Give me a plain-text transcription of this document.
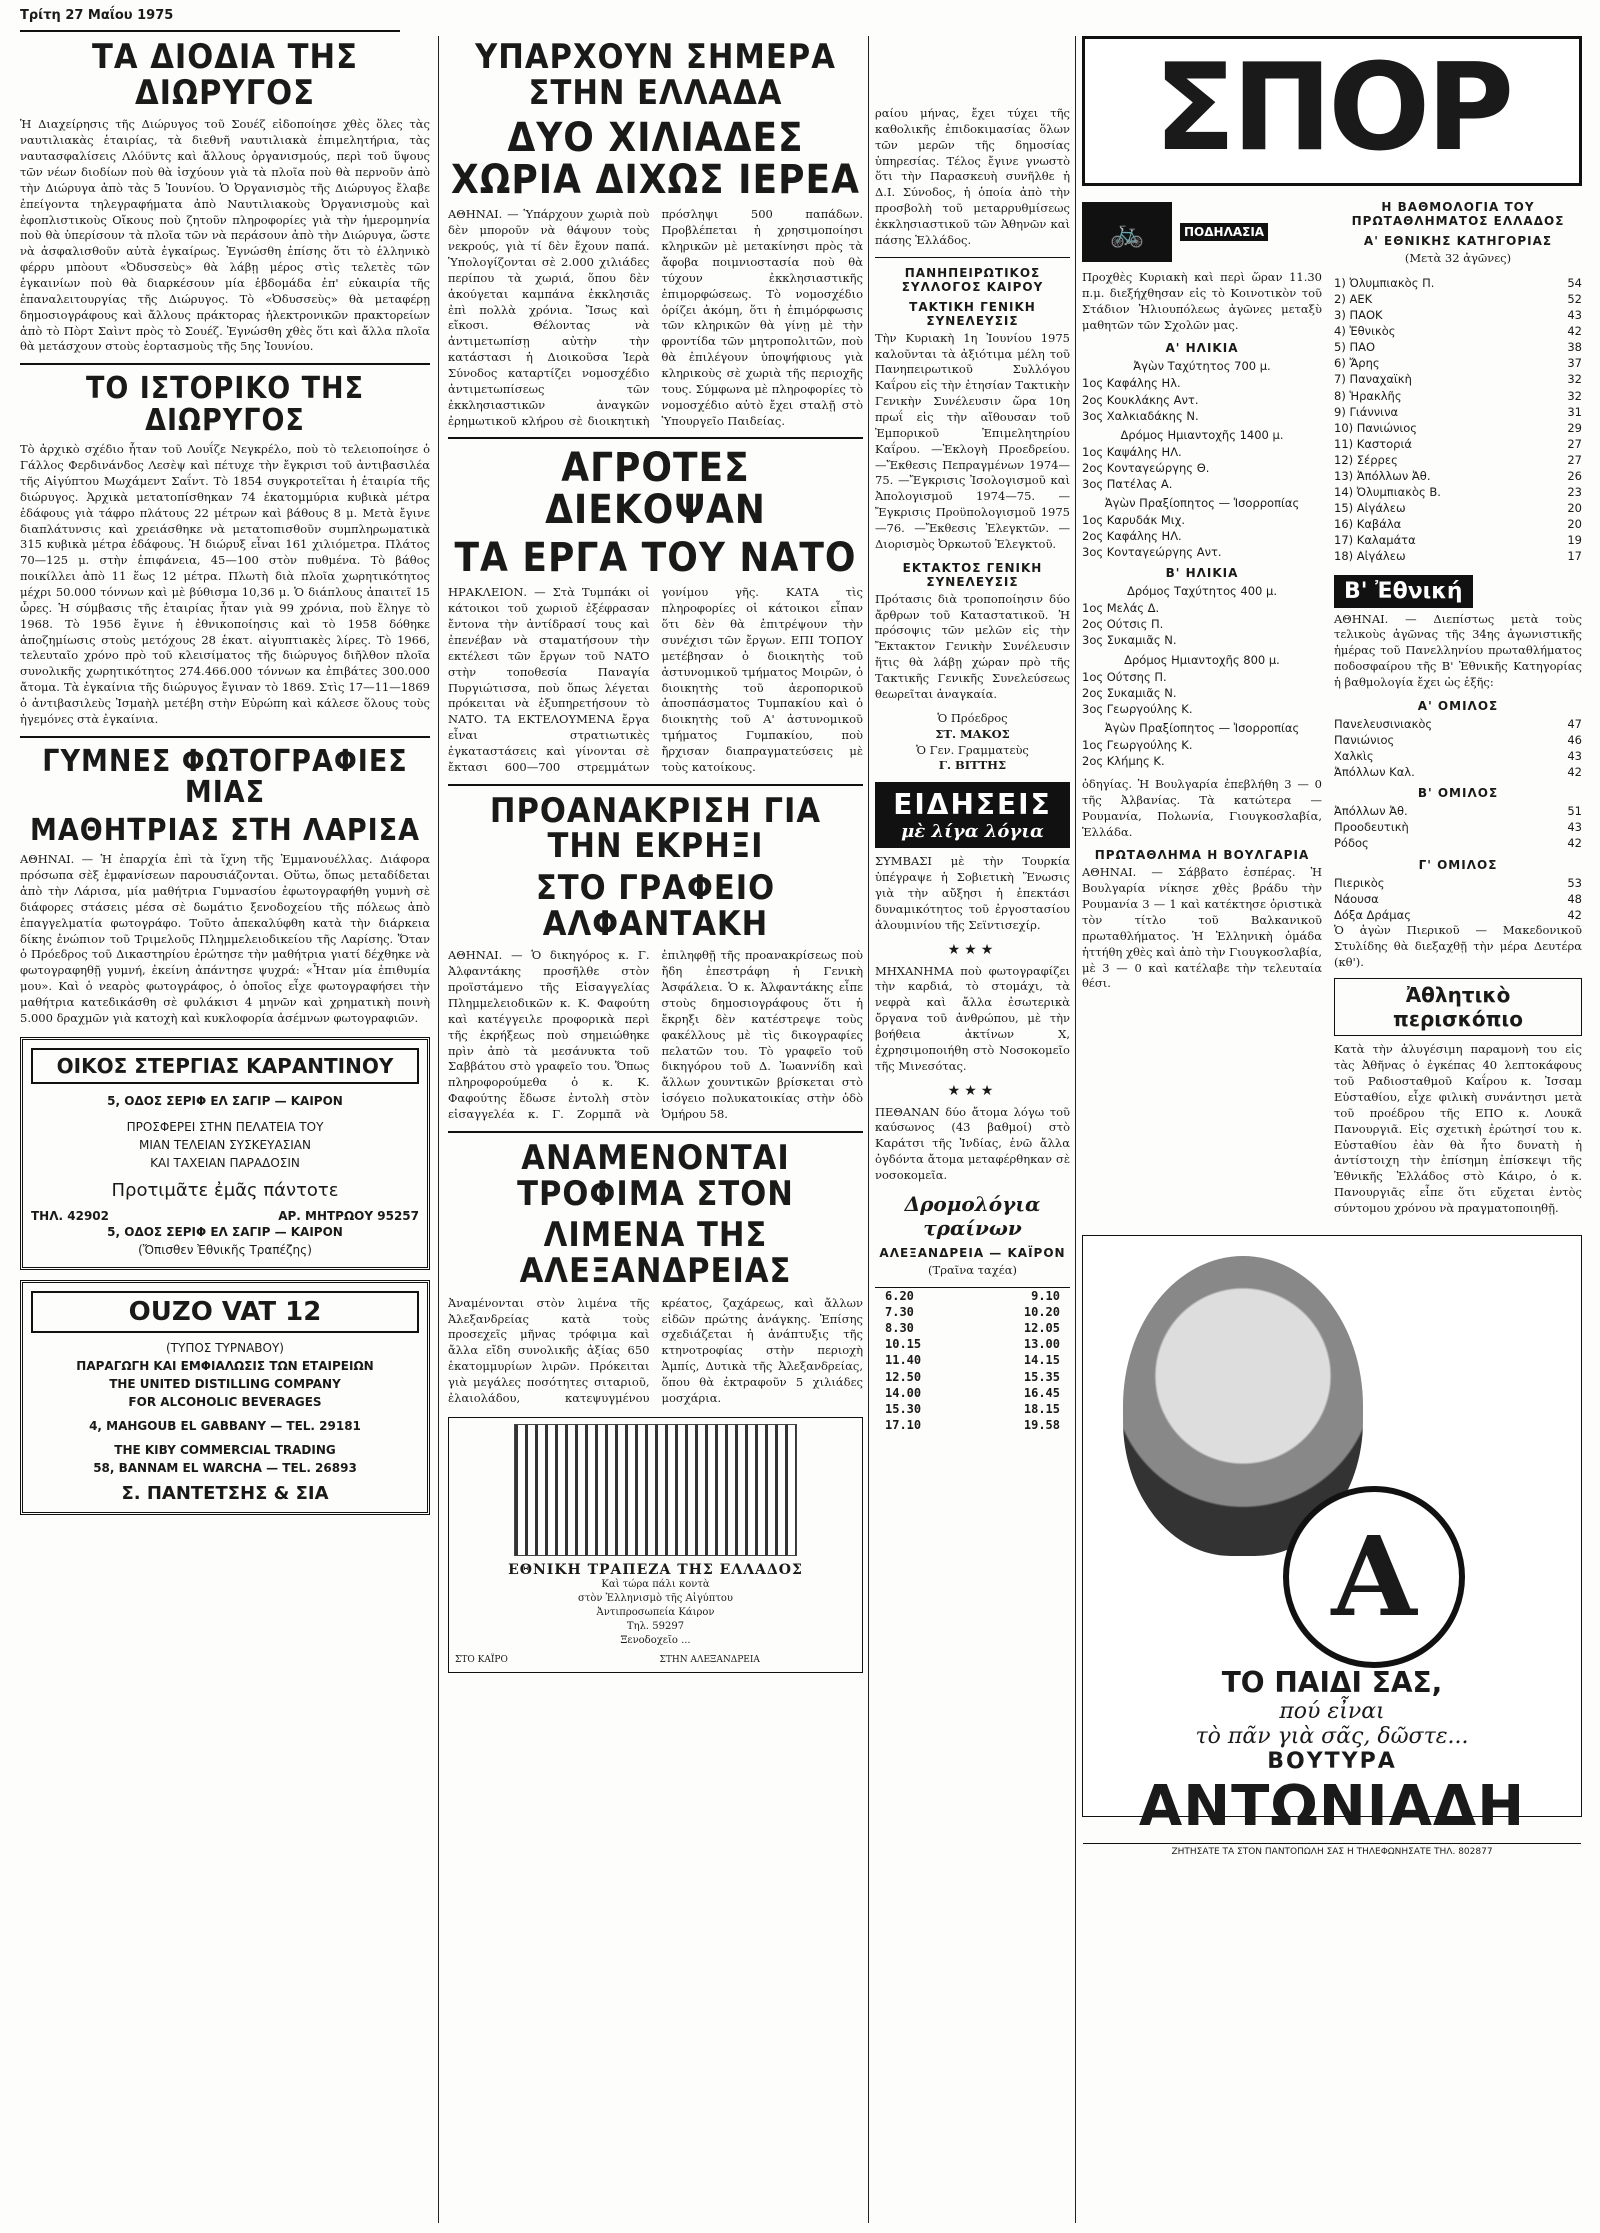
Τρίτη 27 Μαΐου 1975
ΤΑ ΔΙΟΔΙΑ ΤΗΣ ΔΙΩΡΥΓΟΣ
Ἡ Διαχείρησις τῆς Διώρυγος τοῦ Σουέζ εἰδοποίησε χθὲς ὅλες τὰς ναυτιλιακὰς ἑταιρίας, τὰ διεθνῆ ναυτιλιακὰ ἐπιμελητήρια, τὰς ναυτασφαλίσεις Λλόϋντς καὶ ἄλλους ὀργανισμούς, περὶ τοῦ ὕψους τῶν νέων διοδίων ποὺ θὰ ἰσχύουν γιὰ τὰ πλοῖα ποὺ θὰ περνοῦν ἀπὸ τὴν Διώρυγα ἀπὸ τὰς 5 Ἰουνίου. Ὁ Ὀργανισμὸς τῆς Διώρυγος ἔλαβε ἐπείγοντα τηλεγραφήματα ἀπὸ Ναυτιλιακοὺς Ὀργανισμοὺς καὶ ἐφοπλιστικοὺς Οἴκους ποὺ ζητοῦν πληροφορίες γιὰ τὴν ἡμερομηνία ποὺ θὰ ὑπερίσουν τὰ πλοῖα τῶν νὰ περάσουν ἀπὸ τὴν Διώρυγα, ὥστε νὰ ἀσφαλισθοῦν αὐτὰ ἐγκαίρως. Ἐγνώσθη ἐπίσης ὅτι τὸ ἑλληνικὸ φέρρυ μπὸουτ «Ὀδυσσεὺς» θὰ λάβῃ μέρος στὶς τελετὲς τῶν ἐγκαινίων ποὺ θὰ διαρκέσουν μία ἑβδομάδα ἐπ' εὐκαιρία τῆς ἐπαναλειτουργίας τῆς Διώρυγος. Τὸ «Ὀδυσσεὺς» θὰ μεταφέρῃ δημοσιογράφους καὶ ἄλλους πράκτορας ἠλεκτρονικῶν πρακτορείων ἀπὸ τὸ Πὸρτ Σαὶντ πρὸς τὸ Σουέζ. Ἐγνώσθη χθὲς ὅτι καὶ ἄλλα πλοῖα θὰ μετάσχουν στοὺς ἑορτασμοὺς τῆς 5ης Ἰουνίου.
ΤΟ ΙΣΤΟΡΙΚΟ ΤΗΣ ΔΙΩΡΥΓΟΣ
Τὸ ἀρχικὸ σχέδιο ἦταν τοῦ Λουΐζε Νεγκρέλο, ποὺ τὸ τελειοποίησε ὁ Γάλλος Φερδινάνδος Λεσὲψ καὶ πέτυχε τὴν ἔγκρισι τοῦ ἀντιβασιλέα τῆς Αἰγύπτου Μωχάμεντ Σαΐντ. Τὸ 1854 συγκροτεῖται ἡ ἑταιρία τῆς διώρυγος. Ἀρχικὰ μετατοπίσθηκαν 74 ἑκατομμύρια κυβικὰ μέτρα ἐδάφους γιὰ τάφρο πλάτους 22 μέτρων καὶ βάθους 8 μ. Μετὰ ἔγινε διαπλάτυνσις καὶ χρειάσθηκε νὰ μετατοπισθοῦν συμπληρωματικὰ 315 κυβικὰ μέτρα ἐδάφους. Ἡ διώρυξ εἶναι 161 χιλιόμετρα. Πλάτος 70—125 μ. στὴν ἐπιφάνεια, 45—100 στὸν πυθμένα. Τὸ βάθος ποικίλλει ἀπὸ 11 ἕως 12 μέτρα. Πλωτὴ διὰ πλοῖα χωρητικότητος μέχρι 50.000 τόννων καὶ μὲ βύθισμα 10,36 μ. Ὁ διάπλους ἀπαιτεῖ 15 ὧρες. Ἡ σύμβασις τῆς ἑταιρίας ἦταν γιὰ 99 χρόνια, ποὺ ἔληγε τὸ 1968. Τὸ 1956 ἔγινε ἡ ἐθνικοποίησις καὶ τὸ 1958 δόθηκε ἀποζημίωσις στοὺς μετόχους 28 ἑκατ. αἰγυπτιακὲς λίρες. Τὸ 1966, τελευταῖο χρόνο πρὸ τοῦ κλεισίματος τῆς διώρυγος διῆλθον πλοῖα συνολικῆς χωρητικότητος 274.466.000 τόννων κα ἐπιβάτες 300.000 ἄτομα. Τὰ ἐγκαίνια τῆς διώρυγος ἔγιναν τὸ 1869. Στὶς 17—11—1869 ὁ ἀντιβασιλεὺς Ἰσμαὴλ μετέβη στὴν Εὐρώπη καὶ κάλεσε ὅλους τοὺς ἡγεμόνες στὰ ἐγκαίνια.
ΓΥΜΝΕΣ ΦΩΤΟΓΡΑΦΙΕΣ ΜΙΑΣ
ΜΑΘΗΤΡΙΑΣ ΣΤΗ ΛΑΡΙΣΑ
ΑΘΗΝΑΙ. — Ἡ ἐπαρχία ἐπὶ τὰ ἴχνη τῆς Ἐμμανουέλλας. Διάφορα πρόσωπα σὲξ ἐμφανίσεων παρουσιάζονται. Οὕτω, ὅπως μεταδίδεται ἀπὸ τὴν Λάρισα, μία μαθήτρια Γυμνασίου ἐφωτογραφήθη γυμνὴ σὲ διάφορες στάσεις μέσα σὲ δωμάτιο ξενοδοχείου τῆς πόλεως ἀπὸ ἐπαγγελματία φωτογράφο. Τοῦτο ἀπεκαλύφθη κατὰ τὴν διάρκεια δίκης ἐνώπιον τοῦ Τριμελοῦς Πλημμελειοδικείου τῆς Λαρίσης. Ὅταν ὁ Πρόεδρος τοῦ Δικαστηρίου ἐρώτησε τὴν μαθήτρια γιατί δέχθηκε νὰ φωτογραφηθῇ γυμνή, ἐκείνη ἀπάντησε ψυχρά: «Ἦταν μία ἐπιθυμία μου». Καὶ ὁ νεαρὸς φωτογράφος, ὁ ὁποῖος εἶχε φωτογραφήσει τὴν μαθήτρια κατεδικάσθη σὲ φυλάκισι 4 μηνῶν καὶ χρηματικὴ ποινὴ 5.000 δραχμῶν γιὰ κατοχὴ καὶ κυκλοφορία ἀσέμνων φωτογραφιῶν.
ΟΙΚΟΣ ΣΤΕΡΓΙΑΣ ΚΑΡΑΝΤΙΝΟΥ
5, ΟΔΟΣ ΣΕΡΙΦ ΕΛ ΣΑΓΙΡ — ΚΑΙΡΟΝ
ΠΡΟΣΦΕΡΕΙ ΣΤΗΝ ΠΕΛΑΤΕΙΑ ΤΟΥ
ΜΙΑΝ ΤΕΛΕΙΑΝ ΣΥΣΚΕΥΑΣΙΑΝ
ΚΑΙ ΤΑΧΕΙΑΝ ΠΑΡΑΔΟΣΙΝ
Προτιμᾶτε ἐμᾶς πάντοτε
ΤΗΛ. 42902	ΑΡ. ΜΗΤΡΩΟΥ 95257
5, ΟΔΟΣ ΣΕΡΙΦ ΕΛ ΣΑΓΙΡ — ΚΑΙΡΟΝ
(Ὄπισθεν Ἐθνικῆς Τραπέζης)
OUZO VAT 12
(ΤΥΠΟΣ ΤΥΡΝΑΒΟΥ)
ΠΑΡΑΓΩΓΗ ΚΑΙ ΕΜΦΙΑΛΩΣΙΣ ΤΩΝ ΕΤΑΙΡΕΙΩΝ
THE UNITED DISTILLING COMPANY
FOR ALCOHOLIC BEVERAGES
4, MAHGOUB EL GABBANY — TEL. 29181
THE KIBY COMMERCIAL TRADING
58, BANNAM EL WARCHA — TEL. 26893
Σ. ΠΑΝΤΕΤΣΗΣ & ΣΙΑ
ΥΠΑΡΧΟΥΝ ΣΗΜΕΡΑ ΣΤΗΝ ΕΛΛΑΔΑ
ΔΥΟ ΧΙΛΙΑΔΕΣ ΧΩΡΙΑ ΔΙΧΩΣ ΙΕΡΕΑ
ΑΘΗΝΑΙ. — Ὑπάρχουν χωριὰ ποὺ δὲν μποροῦν νὰ θάψουν τοὺς νεκρούς, γιὰ τί δὲν ἔχουν παπά. Ὑπολογίζονται σὲ 2.000 χιλιάδες περίπου τὰ χωριά, ὅπου δὲν ἀκούγεται καμπάνα ἐκκλησιᾶς ἐπὶ πολλὰ χρόνια. Ἴσως καὶ εἴκοσι. Θέλοντας νὰ ἀντιμετωπίσῃ αὐτὴν τὴν κατάστασι ἡ Διοικοῦσα Ἱερὰ Σύνοδος καταρτίζει νομοσχέδιο ἀντιμετωπίσεως τῶν ἐκκλησιαστικῶν ἀναγκῶν ἐρημωτικοῦ κλήρου σὲ διοικητικὴ πρόσληψι 500 παπάδων. Προβλέπεται ἡ χρησιμοποίησι κληρικῶν μὲ μετακίνησι πρὸς τὰ ἄφοβα ποιμνιοστασία ποὺ θὰ τύχουν ἐκκλησιαστικῆς ἐπιμορφώσεως. Τὸ νομοσχέδιο ὁρίζει ἀκόμη, ὅτι ἡ ἐπιμόρφωσις τῶν κληρικῶν θὰ γίνῃ μὲ τὴν φροντίδα τῶν μητροπολιτῶν, ποὺ θὰ ἐπιλέγουν ὑποψήφιους γιὰ κληρικοὺς σὲ χωριὰ τῆς περιοχῆς τους. Σύμφωνα μὲ πληροφορίες τὸ νομοσχέδιο αὐτὸ ἔχει σταλῇ στὸ Ὑπουργεῖο Παιδείας.
ΑΓΡΟΤΕΣ ΔΙΕΚΟΨΑΝ
ΤΑ ΕΡΓΑ ΤΟΥ ΝΑΤΟ
ΗΡΑΚΛΕΙΟΝ. — Στὰ Τυμπάκι οἱ κάτοικοι τοῦ χωριοῦ ἐξέφρασαν ἔντονα τὴν ἀντίδρασί τους καὶ ἐπενέβαν νὰ σταματήσουν τὴν εκτέλεσι τῶν ἔργων τοῦ ΝΑΤΟ στὴν τοποθεσία Παναγία Πυργιώτισσα, ποὺ ὅπως λέγεται πρόκειται νὰ ἐξυπηρετήσουν τὸ ΝΑΤΟ. ΤΑ ΕΚΤΕΛΟΥΜΕΝΑ ἔργα εἶναι στρατιωτικὲς ἐγκαταστάσεις καὶ γίνονται σὲ ἔκτασι 600—700 στρεμμάτων γονίμου γῆς. ΚΑΤΑ τὶς πληροφορίες οἱ κάτοικοι εἶπαν ὅτι δὲν θὰ ἐπιτρέψουν τὴν συνέχισι τῶν ἔργων. ΕΠΙ ΤΟΠΟΥ μετέβησαν ὁ διοικητὴς τοῦ ἀστυνομικοῦ τμήματος Μοιρῶν, ὁ διοικητὴς τοῦ ἀεροπορικοῦ ἀποσπάσματος Τυμπακίου καὶ ὁ διοικητὴς τοῦ Α' ἀστυνομικοῦ τμήματος Γυμπακίου, ποὺ ἤρχισαν διαπραγματεύσεις μὲ τοὺς κατοίκους.
ΠΡΟΑΝΑΚΡΙΣΗ ΓΙΑ ΤΗΝ ΕΚΡΗΞΙ
ΣΤΟ ΓΡΑΦΕΙΟ ΑΛΦΑΝΤΑΚΗ
ΑΘΗΝΑΙ. — Ὁ δικηγόρος κ. Γ. Ἀλφαντάκης προσῆλθε στὸν προϊστάμενο τῆς Εἰσαγγελίας Πλημμελειοδικῶν κ. Κ. Φαφούτη καὶ κατέγγειλε προφορικὰ περὶ τῆς ἐκρήξεως ποὺ σημειώθηκε πρὶν ἀπὸ τὰ μεσάνυκτα τοῦ Σαββάτου στὸ γραφεῖο του. Ὅπως πληροφορούμεθα ὁ κ. Κ. Φαφούτης ἔδωσε ἐντολὴ στὸν εἰσαγγελέα κ. Γ. Ζορμπᾶ νὰ ἐπιληφθῇ τῆς προανακρίσεως ποὺ ἤδη ἐπεστράφη ἡ Γενικὴ Ἀσφάλεια. Ὁ κ. Ἀλφαντάκης εἶπε στοὺς δημοσιογράφους ὅτι ἡ ἔκρηξι δὲν κατέστρεψε τοὺς φακέλλους μὲ τὶς δικογραφίες πελατῶν του. Τὸ γραφεῖο τοῦ δικηγόρου τοῦ Δ. Ἰωαννίδη καὶ ἄλλων χουντικῶν βρίσκεται στὸ ἰσόγειο πολυκατοικίας στὴν ὁδὸ Ὀμήρου 58.
ΑΝΑΜΕΝΟΝΤΑΙ ΤΡΟΦΙΜΑ ΣΤΟΝ
ΛΙΜΕΝΑ ΤΗΣ ΑΛΕΞΑΝΔΡΕΙΑΣ
Ἀναμένονται στὸν λιμένα τῆς Ἀλεξανδρείας κατὰ τοὺς προσεχεῖς μῆνας τρόφιμα καὶ ἄλλα εἴδη συνολικῆς ἀξίας 650 ἑκατομμυρίων λιρῶν. Πρόκειται γιὰ μεγάλες ποσότητες σιταριοῦ, ἐλαιολάδου, κατεψυγμένου κρέατος, ζαχάρεως, καὶ ἄλλων εἰδῶν πρώτης ἀνάγκης. Ἐπίσης σχεδιάζεται ἡ ἀνάπτυξις τῆς κτηνοτροφίας στὴν περιοχὴ Ἀμπίς, Δυτικὰ τῆς Ἀλεξανδρείας, ὅπου θὰ ἐκτραφοῦν 5 χιλιάδες μοσχάρια.
ΕΘΝΙΚΗ ΤΡΑΠΕΖΑ ΤΗΣ ΕΛΛΑΔΟΣ
Καὶ τώρα πάλι κοντὰ
στὸν Ἑλληνισμὸ τῆς Αἰγύπτου
Ἀντιπροσωπεία Κάιρον
Τηλ. 59297
Ξενοδοχεῖο ...
ΣΤΟ ΚΑΪΡΟ	ΣΤΗΝ ΑΛΕΞΑΝΔΡΕΙΑ
ραίου μήνας, ἔχει τύχει τῆς καθολικῆς ἐπιδοκιμασίας ὅλων τῶν μερῶν τῆς δημοσίας ὑπηρεσίας. Τέλος ἔγινε γνωστὸ ὅτι τὴν Παρασκευὴ συνῆλθε ἡ Δ.Ι. Σύνοδος, ἡ ὁποία ἀπὸ τὴν προσβολὴ τοῦ μεταρρυθμίσεως ἐκκλησιαστικοῦ τῶν Ἀθηνῶν καὶ πάσης Ἑλλάδος.
ΠΑΝΗΠΕΙΡΩΤΙΚΟΣ ΣΥΛΛΟΓΟΣ ΚΑΙΡΟΥ
ΤΑΚΤΙΚΗ ΓΕΝΙΚΗ ΣΥΝΕΛΕΥΣΙΣ
Τὴν Κυριακὴ 1η Ἰουνίου 1975 καλοῦνται τὰ ἀξιότιμα μέλη τοῦ Πανηπειρωτικοῦ Συλλόγου Καΐρου εἰς τὴν ἐτησίαν Τακτικὴν Γενικὴν Συνέλευσιν ὥρα 10η πρωΐ εἰς τὴν αἴθουσαν τοῦ Ἐμπορικοῦ Ἐπιμελητηρίου Καΐρου. —Ἐκλογὴ Προεδρείου. —Ἔκθεσις Πεπραγμένων 1974—75. —Ἔγκρισις Ἰσολογισμοῦ καὶ Ἀπολογισμοῦ 1974—75. —Ἔγκρισις Προϋπολογισμοῦ 1975—76. —Ἔκθεσις Ἐλεγκτῶν. —Διορισμὸς Ὀρκωτοῦ Ἐλεγκτοῦ.
ΕΚΤΑΚΤΟΣ ΓΕΝΙΚΗ ΣΥΝΕΛΕΥΣΙΣ
Πρότασις διὰ τροποποίησιν δύο ἄρθρων τοῦ Καταστατικοῦ. Ἡ πρόσοψις τῶν μελῶν εἰς τὴν Ἔκτακτον Γενικὴν Συνέλευσιν ἥτις θὰ λάβῃ χώραν πρὸ τῆς Τακτικῆς Γενικῆς Συνελεύσεως θεωρεῖται ἀναγκαία.
Ὁ Πρόεδρος
ΣΤ. ΜΑΚΟΣ
Ὁ Γεν. Γραμματεὺς
Γ. ΒΙΤΤΗΣ
ΕΙΔΗΣΕΙΣ
μὲ λίγα λόγια
ΣΥΜΒΑΣΙ μὲ τὴν Τουρκία ὑπέγραψε ἡ Σοβιετικὴ Ἕνωσις γιὰ τὴν αὔξησι ἡ ἐπεκτάσι δυναμικότητος τοῦ ἐργοστασίου ἀλουμινίου τῆς Σεϊντισεχίρ.
★★★
ΜΗΧΑΝΗΜΑ ποὺ φωτογραφίζει τὴν καρδιά, τὸ στομάχι, τὰ νεφρὰ καὶ ἄλλα ἐσωτερικὰ ὄργανα τοῦ ἀνθρώπου, μὲ τὴν βοήθεια ἀκτίνων Χ, ἐχρησιμοποιήθη στὸ Νοσοκομεῖο τῆς Μινεσότας.
★★★
ΠΕΘΑΝΑΝ δύο ἄτομα λόγω τοῦ καύσωνος (43 βαθμοί) στὸ Καράτσι τῆς Ἰνδίας, ἐνῶ ἄλλα ὀγδόντα ἄτομα μεταφέρθηκαν σὲ νοσοκομεῖα.
Δρομολόγια τραίνων
ΑΛΕΞΑΝΔΡΕΙΑ — ΚΑΪΡΟΝ
(Τραῖνα ταχέα)
6.20	9.10
7.30	10.20
8.30	12.05
10.15	13.00
11.40	14.15
12.50	15.35
14.00	16.45
15.30	18.15
17.10	19.58
ΣΠΟΡ
🚲	ΠΟΔΗΛΑΣΙΑ
Προχθὲς Κυριακὴ καὶ περὶ ὥραν 11.30 π.μ. διεξήχθησαν εἰς τὸ Κοινοτικὸν τοῦ Στάδιον Ἡλιουπόλεως ἀγῶνες μεταξὺ μαθητῶν τῶν Σχολῶν μας.
Α' ΗΛΙΚΙΑ
Ἀγὼν Ταχύτητος 700 μ.
1ος Καφάλης Ηλ.
2ος Κουκλάκης Αντ.
3ος Χαλκιαδάκης Ν.
Δρόμος Ημιαντοχῆς 1400 μ.
1ος Καψάλης ΗΛ.
2ος Κονταγεώργης Θ.
3ος Πατέλας Α.
Ἀγὼν Πραξίοπητος — Ἰσορροπίας
1ος Καρυδάκ Μιχ.
2ος Καφάλης ΗΛ.
3ος Κονταγεώργης Αντ.
Β' ΗΛΙΚΙΑ
Δρόμος Ταχύτητος 400 μ.
1ος Μελάς Δ.
2ος Ούτσις Π.
3ος Συκαμιᾶς Ν.
Δρόμος Ημιαντοχῆς 800 μ.
1ος Ούτσης Π.
2ος Συκαμιᾶς Ν.
3ος Γεωργούλης Κ.
Ἀγὼν Πραξίοπητος — Ἰσορροπίας
1ος Γεωργούλης Κ.
2ος Κλήμης Κ.
ὁδηγίας. Ἡ Βουλγαρία ἐπεβλήθη 3 — 0 τῆς Ἀλβανίας. Τὰ κατώτερα — Ρουμανία, Πολωνία, Γιουγκοσλαβία, Ἑλλάδα.
ΠΡΩΤΑΘΛΗΜΑ Η ΒΟΥΛΓΑΡΙΑ
ΑΘΗΝΑΙ. — Σάββατο ἑσπέρας. Ἡ Βουλγαρία νίκησε χθὲς βράδυ τὴν Ρουμανία 3 — 1 καὶ κατέκτησε ὁριστικὰ τὸν τίτλο τοῦ Βαλκανικοῦ πρωταθλήματος. Ἡ Ἑλληνικὴ ὁμάδα ἡττήθη χθὲς καὶ ἀπὸ τὴν Γιουγκοσλαβία, μὲ 3 — 0 καὶ κατέλαβε τὴν τελευταία θέσι.
Η ΒΑΘΜΟΛΟΓΙΑ ΤΟΥ ΠΡΩΤΑΘΛΗΜΑΤΟΣ ΕΛΛΑΔΟΣ
Α' ΕΘΝΙΚΗΣ ΚΑΤΗΓΟΡΙΑΣ
(Μετὰ 32 ἀγῶνες)
1) Ὀλυμπιακὸς Π.	54
2) ΑΕΚ	52
3) ΠΑΟΚ	43
4) Ἐθνικὸς	42
5) ΠΑΟ	38
6) Ἄρης	37
7) Παναχαϊκὴ	32
8) Ἡρακλῆς	32
9) Γιάννινα	31
10) Πανιώνιος	29
11) Καστοριά	27
12) Σέρρες	27
13) Ἀπόλλων Ἀθ.	26
14) Ὀλυμπιακὸς Β.	23
15) Αἰγάλεω	20
16) Καβάλα	20
17) Καλαμάτα	19
18) Αἰγάλεω	17
Β' Ἐθνική
ΑΘΗΝΑΙ. — Διεπίστως μετὰ τοὺς τελικοὺς ἀγῶνας τῆς 34ης ἀγωνιστικῆς ἡμέρας τοῦ Πανελληνίου πρωταθλήματος ποδοσφαίρου τῆς Β' Ἐθνικῆς Κατηγορίας ἡ βαθμολογία ἔχει ὡς ἑξῆς:
Α' ΟΜΙΛΟΣ
Πανελευσινιακὸς	47
Πανιώνιος	46
Χαλκὶς	43
Ἀπόλλων Καλ.	42
Β' ΟΜΙΛΟΣ
Ἀπόλλων Ἀθ.	51
Προοδευτικὴ	43
Ρόδος	42
Γ' ΟΜΙΛΟΣ
Πιερικὸς	53
Νάουσα	48
Δόξα Δράμας	42
Ὁ ἀγὼν Πιερικοῦ — Μακεδονικοῦ Στυλίδης θὰ διεξαχθῇ τὴν μέρα Δευτέρα (κθ').
Ἀθλητικὸ
περισκόπιο
Κατὰ τὴν ἀλυγέσιμη παραμονὴ του εἰς τὰς Ἀθῆνας ὁ ἐγκέπας 40 λεπτοκάφους τοῦ Ραδιοσταθμοῦ Καΐρου κ. Ἰσσαμ Εὐσταθίου, εἶχε φιλικὴ συνάντησι μετὰ τοῦ προέδρου τῆς ΕΠΟ κ. Λουκᾶ Πανουργιᾶ. Εἰς σχετικὴ ἐρώτησί του κ. Εὐσταθίου ἐὰν θὰ ἦτο δυνατὴ ἡ ἀντίστοιχη τὴν ἐπίσημη ἐπίσκεψι τῆς Ἐθνικῆς Ἑλλάδος στὸ Κάιρο, ὁ κ. Πανουργιᾶς εἶπε ὅτι εὔχεται ἐντὸς σύντομου χρόνου νὰ πραγματοποιηθῇ.
Α
ΤΟ ΠΑΙΔΙ ΣΑΣ,
πού εἶναι
τὸ πᾶν γιὰ σᾶς, δῶστε...
ΒΟΥΤΥΡΑ
ΑΝΤΩΝΙΑΔΗ
ΖΗΤΗΣΑΤΕ ΤΑ ΣΤΟΝ ΠΑΝΤΟΠΩΛΗ ΣΑΣ Η ΤΗΛΕΦΩΝΗΣΑΤΕ ΤΗΛ. 802877
